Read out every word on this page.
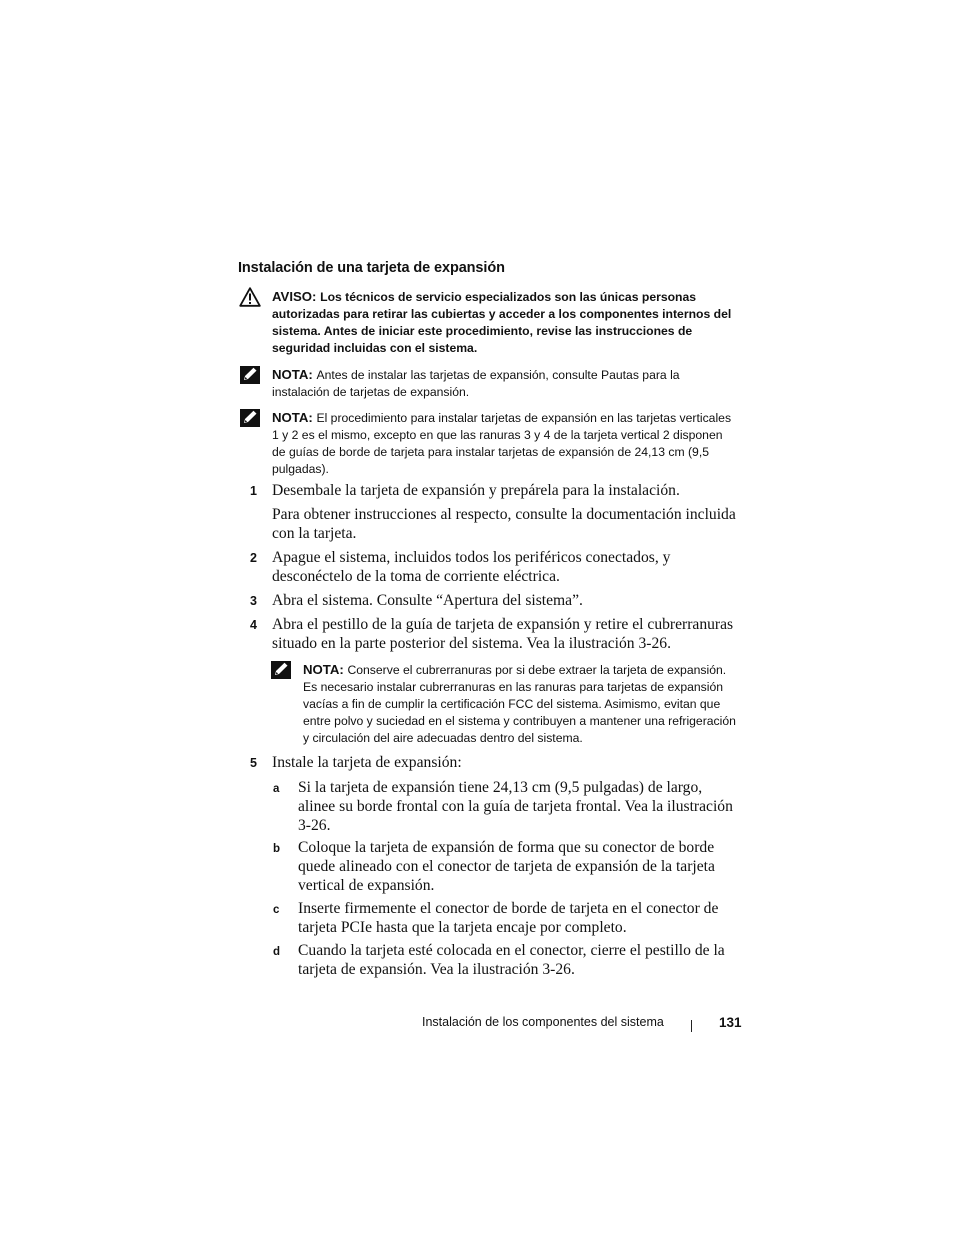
Instalación de una tarjeta de expansión
AVISO: Los técnicos de servicio especializados son las únicas personas autorizadas para retirar las cubiertas y acceder a los componentes internos del sistema. Antes de iniciar este procedimiento, revise las instrucciones de seguridad incluidas con el sistema.
NOTA: Antes de instalar las tarjetas de expansión, consulte Pautas para la instalación de tarjetas de expansión.
NOTA: El procedimiento para instalar tarjetas de expansión en las tarjetas verticales 1 y 2 es el mismo, excepto en que las ranuras 3 y 4 de la tarjeta vertical 2 disponen de guías de borde de tarjeta para instalar tarjetas de expansión de 24,13 cm (9,5 pulgadas).
1 Desembale la tarjeta de expansión y prepárela para la instalación.
Para obtener instrucciones al respecto, consulte la documentación incluida con la tarjeta.
2 Apague el sistema, incluidos todos los periféricos conectados, y desconéctelo de la toma de corriente eléctrica.
3 Abra el sistema. Consulte “Apertura del sistema”.
4 Abra el pestillo de la guía de tarjeta de expansión y retire el cubrerranuras situado en la parte posterior del sistema. Vea la ilustración 3-26.
NOTA: Conserve el cubrerranuras por si debe extraer la tarjeta de expansión. Es necesario instalar cubrerranuras en las ranuras para tarjetas de expansión vacías a fin de cumplir la certificación FCC del sistema. Asimismo, evitan que entre polvo y suciedad en el sistema y contribuyen a mantener una refrigeración y circulación del aire adecuadas dentro del sistema.
5 Instale la tarjeta de expansión:
a Si la tarjeta de expansión tiene 24,13 cm (9,5 pulgadas) de largo, alinee su borde frontal con la guía de tarjeta frontal. Vea la ilustración 3-26.
b Coloque la tarjeta de expansión de forma que su conector de borde quede alineado con el conector de tarjeta de expansión de la tarjeta vertical de expansión.
c Inserte firmemente el conector de borde de tarjeta en el conector de tarjeta PCIe hasta que la tarjeta encaje por completo.
d Cuando la tarjeta esté colocada en el conector, cierre el pestillo de la tarjeta de expansión. Vea la ilustración 3-26.
Instalación de los componentes del sistema	131
